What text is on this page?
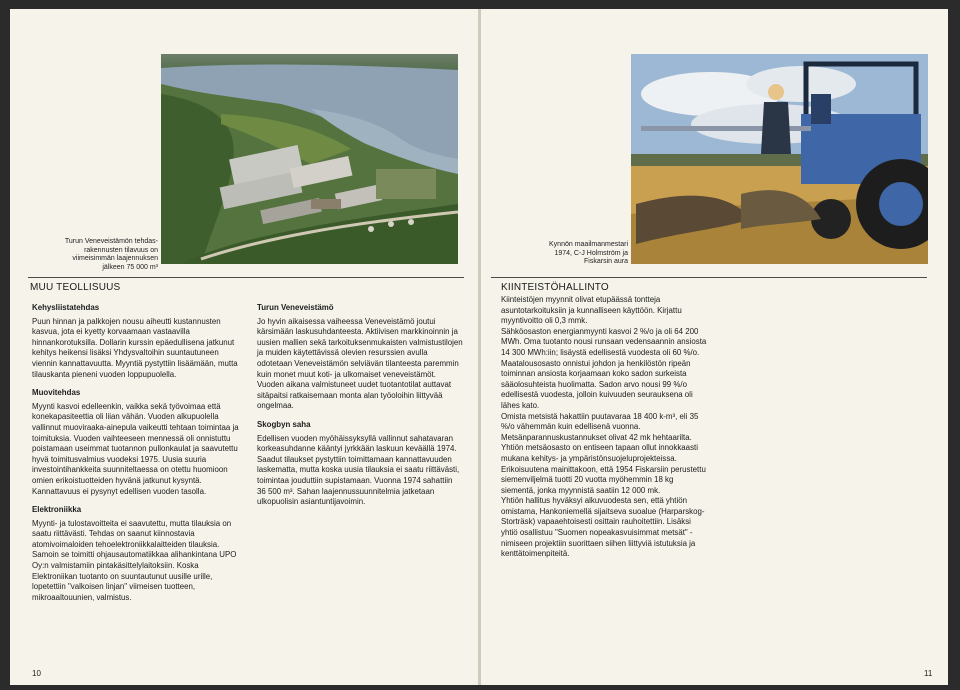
Turun Veneveistämön tehdas-
rakennusten tilavuus on
viimeisimmän laajennuksen
jälkeen 75 000 m³
MUU TEOLLISUUS
Kehysliistatehdas

Puun hinnan ja palkkojen nousu aiheutti kustannusten kasvua, jota ei kyetty korvaamaan vastaavilla hinnankorotuksilla. Dollarin kurssin epäedullisena jatkunut kehitys heikensi lisäksi Yhdysvaltoihin suuntautuneen viennin kannattavuutta. Myyntiä pystyttiin lisäämään, mutta tilauskanta pieneni vuoden loppupuolella.

Muovitehdas

Myynti kasvoi edelleenkin, vaikka sekä työvoimaa että konekapasiteettia oli liian vähän. Vuoden alkupuolella vallinnut muoviraaka-ainepula vaikeutti tehtaan toimintaa ja toimituksia. Vuoden vaihteeseen mennessä oli onnistuttu poistamaan useimmat tuotannon pullonkaulat ja saavutettu hyvä toimitusvalmius vuodeksi 1975. Uusia suuria investointihankkeita suunniteltaessa on otettu huomioon omien erikoistuotteiden hyvänä jatkunut kysyntä. Kannattavuus ei pysynyt edellisen vuoden tasolla.

Elektroniikka

Myynti- ja tulostavoitteita ei saavutettu, mutta tilauksia on saatu riittävästi. Tehdas on saanut kiinnostavia atomivoimaloiden tehoelektroniikkalaitteiden tilauksia. Samoin se toimitti ohjausautomatiikkaa alihankintana UPO Oy:n valmistamiin pintakäsittelylaitoksiin. Koska Elektroniikan tuotanto on suuntautunut uusille urille, lopetettiin "valkoisen linjan" viimeisen tuotteen, mikroaaltouunien, valmistus.

Turun Veneveistämö

Jo hyvin aikaisessa vaiheessa Veneveistämö joutui kärsimään laskusuhdanteesta. Aktiivisen markkinoinnin ja uusien mallien sekä tarkoituksenmukaisten valmistustilojen ja muiden käytettävissä olevien resurssien avulla odotetaan Veneveistämön selviävän tilanteesta paremmin kuin monet muut koti- ja ulkomaiset veneveistämöt. Vuoden aikana valmistuneet uudet tuotantotilat auttavat sitäpaitsi ratkaisemaan monta alan työoloihin liittyvää ongelmaa.

Skogbyn saha

Edellisen vuoden myöhäissyksyllä vallinnut sahatavaran korkeasuhdanne kääntyi jyrkkään laskuun keväällä 1974. Saadut tilaukset pystyttiin toimittamaan kannattavuuden laskematta, mutta koska uusia tilauksia ei saatu riittävästi, toimintaa jouduttiin supistamaan. Vuonna 1974 sahattiin 36 500 m³. Sahan laajennussuunnitelmia jatketaan ulkopuolisin asiantuntijavoimin.

10
Kynnön maailmanmestari
1974, C-J Holmström ja
Fiskarsin aura
KIINTEISTÖHALLINTO

Kiinteistöjen myynnit olivat etupäässä tontteja asuntotarkoituksiin ja kunnalliseen käyttöön. Kirjattu myyntivoitto oli 0,3 mmk.

Sähköosaston energianmyynti kasvoi 2 %/o ja oli 64 200 MWh. Oma tuotanto nousi runsaan vedensaannin ansiosta 14 300 MWh:iin; lisäystä edellisestä vuodesta oli 60 %/o.

Maatalousosasto onnistui johdon ja henkilöstön ripeän toiminnan ansiosta korjaamaan koko sadon surkeista sääolosuhteista huolimatta. Sadon arvo nousi 99 %/o edellisestä vuodesta, jolloin kuivuuden seurauksena oli lähes kato.

Omista metsistä hakattiin puutavaraa 18 400 k-m³, eli 35 %/o vähemmän kuin edellisenä vuonna. Metsänparannuskustannukset olivat 42 mk hehtaarilta.

Yhtiön metsäosasto on entiseen tapaan ollut innokkaasti mukana kehitys- ja ympäristönsuojeluprojekteissa. Erikoisuutena mainittakoon, että 1954 Fiskarsiin perustettu siemenviljelmä tuotti 20 vuotta myöhemmin 18 kg siementä, jonka myynnistä saatiin 12 000 mk.

Yhtiön hallitus hyväksyi alkuvuodesta sen, että yhtiön omistama, Hankoniemellä sijaitseva suoalue (Harparskog-Storträsk) vapaaehtoisesti osittain rauhoitettiin. Lisäksi yhtiö osallistuu "Suomen nopeakasvuisimmat metsät" -nimiseen projektiin suorittaen siihen liittyviä istutuksia ja kenttätoimenpiteitä.

11
